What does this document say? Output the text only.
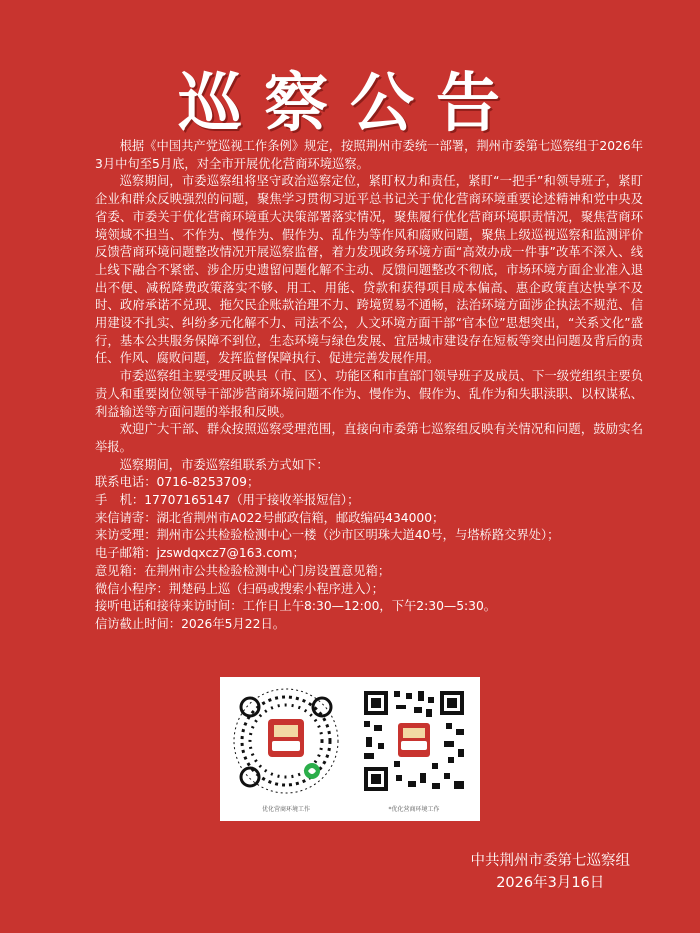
巡察公告

根据《中国共产党巡视工作条例》规定，按照荆州市委统一部署，荆州市委第七巡察组于2026年3月中旬至5月底，对全市开展优化营商环境巡察。

巡察期间，市委巡察组将坚守政治巡察定位，紧盯权力和责任，紧盯“一把手”和领导班子，紧盯企业和群众反映强烈的问题，聚焦学习贯彻习近平总书记关于优化营商环境重要论述精神和党中央及省委、市委关于优化营商环境重大决策部署落实情况，聚焦履行优化营商环境职责情况，聚焦营商环境领域不担当、不作为、慢作为、假作为、乱作为等作风和腐败问题，聚焦上级巡视巡察和监测评价反馈营商环境问题整改情况开展巡察监督，着力发现政务环境方面“高效办成一件事”改革不深入、线上线下融合不紧密、涉企历史遗留问题化解不主动、反馈问题整改不彻底，市场环境方面企业准入退出不便、减税降费政策落实不够、用工、用能、贷款和获得项目成本偏高、惠企政策直达快享不及时、政府承诺不兑现、拖欠民企账款治理不力、跨境贸易不通畅，法治环境方面涉企执法不规范、信用建设不扎实、纠纷多元化解不力、司法不公，人文环境方面干部“官本位”思想突出，“关系文化”盛行，基本公共服务保障不到位，生态环境与绿色发展、宜居城市建设存在短板等突出问题及背后的责任、作风、腐败问题，发挥监督保障执行、促进完善发展作用。

市委巡察组主要受理反映县（市、区）、功能区和市直部门领导班子及成员、下一级党组织主要负责人和重要岗位领导干部涉营商环境问题不作为、慢作为、假作为、乱作为和失职渎职、以权谋私、利益输送等方面问题的举报和反映。

欢迎广大干部、群众按照巡察受理范围，直接向市委第七巡察组反映有关情况和问题，鼓励实名举报。

巡察期间，市委巡察组联系方式如下：

联系电话：0716-8253709；

手　机：17707165147（用于接收举报短信）；

来信请寄：湖北省荆州市A022号邮政信箱，邮政编码434000；

来访受理：荆州市公共检验检测中心一楼（沙市区明珠大道40号，与塔桥路交界处）；

电子邮箱：jzswdqxcz7@163.com；

意见箱：在荆州市公共检验检测中心门房设置意见箱；

微信小程序：荆楚码上巡（扫码或搜索小程序进入）；

接听电话和接待来访时间：工作日上午8:30—12:00，下午2:30—5:30。

信访截止时间：2026年5月22日。

优化营商环境工作	*优化营商环境工作
中共荆州市委第七巡察组
2026年3月16日
